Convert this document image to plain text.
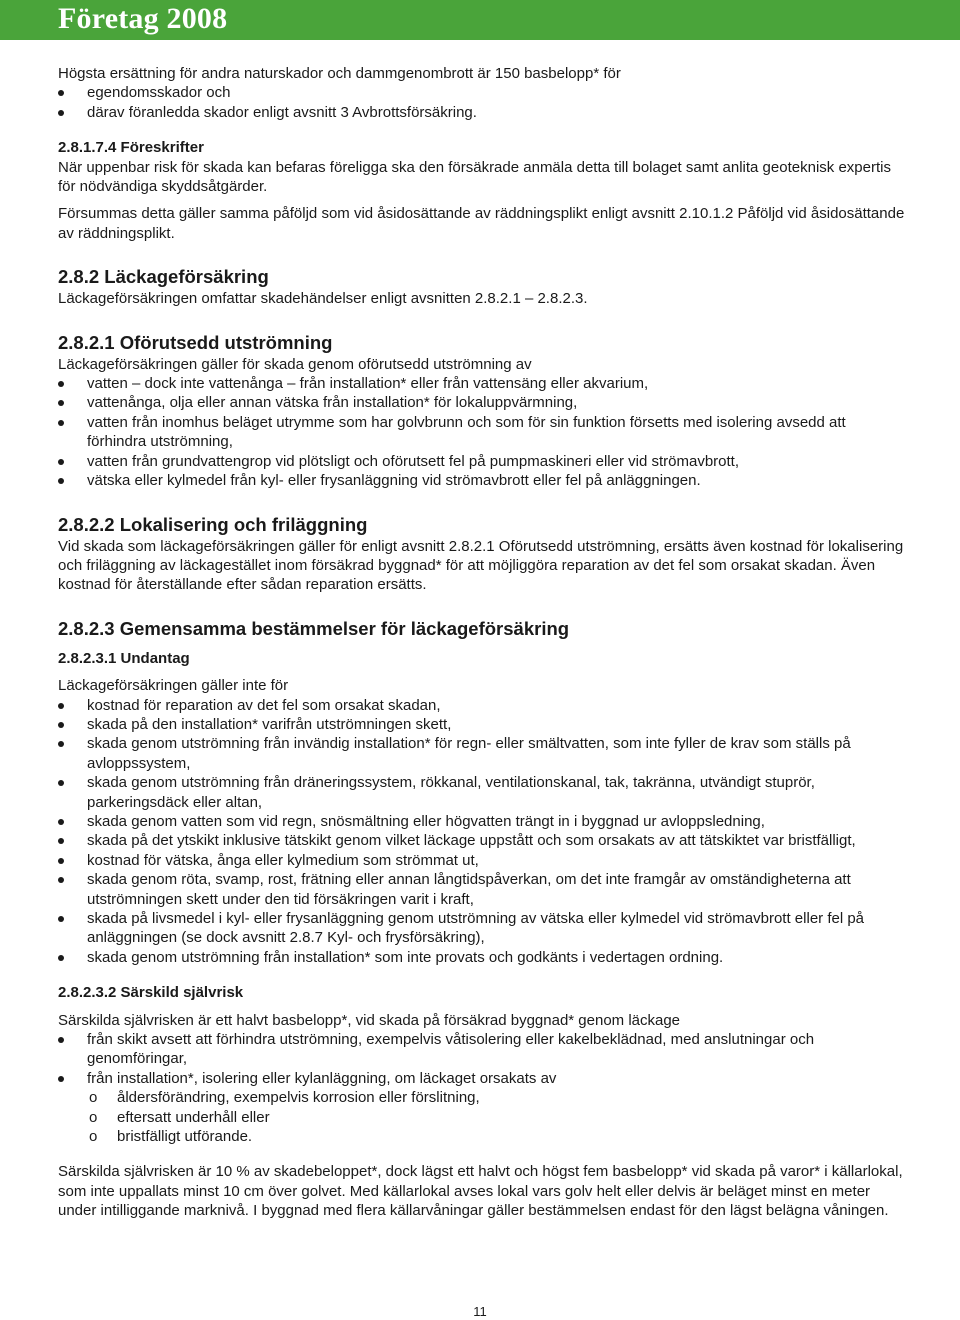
Företag 2008

Högsta ersättning för andra naturskador och dammgenombrott är 150 basbelopp* för

egendomsskador och
därav föranledda skador enligt avsnitt 3 Avbrottsförsäkring.

2.8.1.7.4 Föreskrifter

När uppenbar risk för skada kan befaras föreligga ska den försäkrade anmäla detta till bolaget samt anlita geoteknisk expertis för nödvändiga skyddsåtgärder.

Försummas detta gäller samma påföljd som vid åsidosättande av räddningsplikt enligt avsnitt 2.10.1.2 Påföljd vid åsidosättande av räddningsplikt.

2.8.2 Läckageförsäkring

Läckageförsäkringen omfattar skadehändelser enligt avsnitten 2.8.2.1 – 2.8.2.3.

2.8.2.1 Oförutsedd utströmning

Läckageförsäkringen gäller för skada genom oförutsedd utströmning av

vatten – dock inte vattenånga – från installation* eller från vattensäng eller akvarium,
vattenånga, olja eller annan vätska från installation* för lokaluppvärmning,
vatten från inomhus beläget utrymme som har golvbrunn och som för sin funktion försetts med isolering avsedd att förhindra utströmning,
vatten från grundvattengrop vid plötsligt och oförutsett fel på pumpmaskineri eller vid strömavbrott,
vätska eller kylmedel från kyl- eller frysanläggning vid strömavbrott eller fel på anläggningen.

2.8.2.2 Lokalisering och friläggning

Vid skada som läckageförsäkringen gäller för enligt avsnitt 2.8.2.1 Oförutsedd utströmning, ersätts även kostnad för lokalisering och friläggning av läckagestället inom försäkrad byggnad* för att möjliggöra reparation av det fel som orsakat skadan. Även kostnad för återställande efter sådan reparation ersätts.

2.8.2.3 Gemensamma bestämmelser för läckageförsäkring

2.8.2.3.1 Undantag

Läckageförsäkringen gäller inte för

kostnad för reparation av det fel som orsakat skadan,
skada på den installation* varifrån utströmningen skett,
skada genom utströmning från invändig installation* för regn- eller smältvatten, som inte fyller de krav som ställs på avloppssystem,
skada genom utströmning från dräneringssystem, rökkanal, ventilationskanal, tak, takränna, utvändigt stuprör, parkeringsdäck eller altan,
skada genom vatten som vid regn, snösmältning eller högvatten trängt in i byggnad ur avloppsledning,
skada på det ytskikt inklusive tätskikt genom vilket läckage uppstått och som orsakats av att tätskiktet var bristfälligt,
kostnad för vätska, ånga eller kylmedium som strömmat ut,
skada genom röta, svamp, rost, frätning eller annan långtidspåverkan, om det inte framgår av omständigheterna att utströmningen skett under den tid försäkringen varit i kraft,
skada på livsmedel i kyl- eller frysanläggning genom utströmning av vätska eller kylmedel vid strömavbrott eller fel på anläggningen (se dock avsnitt 2.8.7 Kyl- och frysförsäkring),
skada genom utströmning från installation* som inte provats och godkänts i vedertagen ordning.

2.8.2.3.2 Särskild självrisk

Särskilda självrisken är ett halvt basbelopp*, vid skada på försäkrad byggnad* genom läckage

från skikt avsett att förhindra utströmning, exempelvis våtisolering eller kakelbeklädnad, med anslutningar och genomföringar,
från installation*, isolering eller kylanläggning, om läckaget orsakats av
o åldersförändring, exempelvis korrosion eller förslitning,
o eftersatt underhåll eller
o bristfälligt utförande.

Särskilda självrisken är 10 % av skadebeloppet*, dock lägst ett halvt och högst fem basbelopp* vid skada på varor* i källarlokal, som inte uppallats minst 10 cm över golvet. Med källarlokal avses lokal vars golv helt eller delvis är beläget minst en meter under intilliggande marknivå. I byggnad med flera källarvåningar gäller bestämmelsen endast för den lägst belägna våningen.

11
